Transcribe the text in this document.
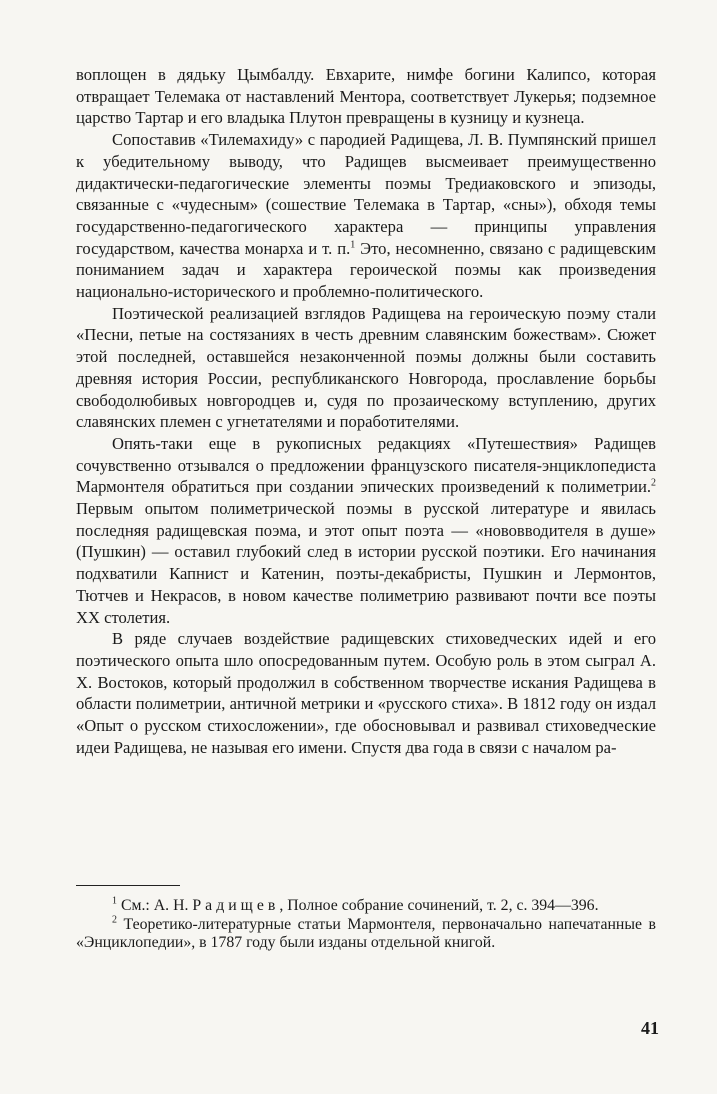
воплощен в дядьку Цымбалду. Евхарите, нимфе богини Калипсо, которая отвращает Телемака от наставлений Ментора, соответствует Лукерья; подземное царство Тартар и его владыка Плутон превращены в кузницу и кузнеца.

Сопоставив «Тилемахиду» с пародией Радищева, Л. В. Пумпянский пришел к убедительному выводу, что Радищев высмеивает преимущественно дидактически-педагогические элементы поэмы Тредиаковского и эпизоды, связанные с «чудесным» (сошествие Телемака в Тартар, «сны»), обходя темы государственно-педагогического характера — принципы управления государством, качества монарха и т. п.$^1$ Это, несомненно, связано с радищевским пониманием задач и характера героической поэмы как произведения национально-исторического и проблемно-политического.

Поэтической реализацией взглядов Радищева на героическую поэму стали «Песни, петые на состязаниях в честь древним славянским божествам». Сюжет этой последней, оставшейся незаконченной поэмы должны были составить древняя история России, республиканского Новгорода, прославление борьбы свободолюбивых новгородцев и, судя по прозаическому вступлению, других славянских племен с угнетателями и поработителями.

Опять-таки еще в рукописных редакциях «Путешествия» Радищев сочувственно отзывался о предложении французского писателя-энциклопедиста Мармонтеля обратиться при создании эпических произведений к полиметрии.$^2$ Первым опытом полиметрической поэмы в русской литературе и явилась последняя радищевская поэма, и этот опыт поэта — «нововводителя в душе» (Пушкин) — оставил глубокий след в истории русской поэтики. Его начинания подхватили Капнист и Катенин, поэты-декабристы, Пушкин и Лермонтов, Тютчев и Некрасов, в новом качестве полиметрию развивают почти все поэты XX столетия.

В ряде случаев воздействие радищевских стиховедческих идей и его поэтического опыта шло опосредованным путем. Особую роль в этом сыграл А. Х. Востоков, который продолжил в собственном творчестве искания Радищева в области полиметрии, античной метрики и «русского стиха». В 1812 году он издал «Опыт о русском стихосложении», где обосновывал и развивал стиховедческие идеи Радищева, не называя его имени. Спустя два года в связи с началом ра-

$^1$ См.: А. Н. Радищев, Полное собрание сочинений, т. 2, с. 394—396.

$^2$ Теоретико-литературные статьи Мармонтеля, первоначально напечатанные в «Энциклопедии», в 1787 году были изданы отдельной книгой.

41
